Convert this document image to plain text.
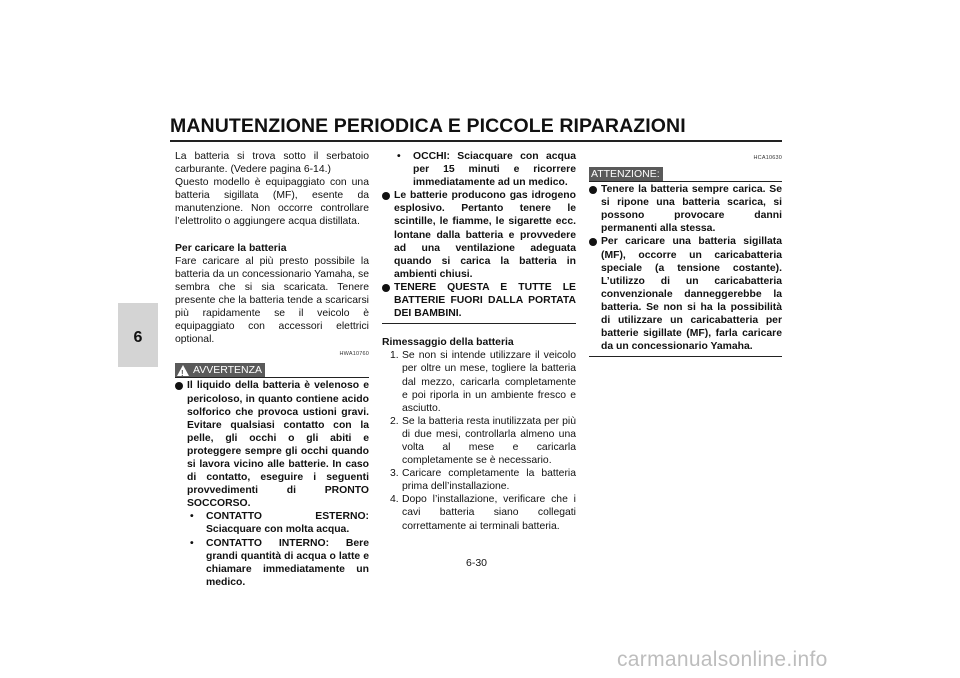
MANUTENZIONE PERIODICA E PICCOLE RIPARAZIONI
6

La batteria si trova sotto il serbatoio carburante. (Vedere pagina 6-14.)

Questo modello è equipaggiato con una batteria sigillata (MF), esente da manutenzione. Non occorre controllare l’elettrolito o aggiungere acqua distillata.

Per caricare la batteria

Fare caricare al più presto possibile la batteria da un concessionario Yamaha, se sembra che si sia scaricata. Tenere presente che la batteria tende a scaricarsi più rapidamente se il veicolo è equipaggiato con accessori elettrici optional.

HWA10760
!
AVVERTENZA

Il liquido della batteria è velenoso e pericoloso, in quanto contiene acido solforico che provoca ustioni gravi. Evitare qualsiasi contatto con la pelle, gli occhi o gli abiti e proteggere sempre gli occhi quando si lavora vicino alle batterie. In caso di contatto, eseguire i seguenti provvedimenti di PRONTO SOCCORSO.

• CONTATTO ESTERNO: Sciacquare con molta acqua.

• CONTATTO INTERNO: Bere grandi quantità di acqua o latte e chiamare immediatamente un medico.

• OCCHI: Sciacquare con acqua per 15 minuti e ricorrere immediatamente ad un medico.

Le batterie producono gas idrogeno esplosivo. Pertanto tenere le scintille, le fiamme, le sigarette ecc. lontane dalla batteria e provvedere ad una ventilazione adeguata quando si carica la batteria in ambienti chiusi.

TENERE QUESTA E TUTTE LE BATTERIE FUORI DALLA PORTATA DEI BAMBINI.

Rimessaggio della batteria

1. Se non si intende utilizzare il veicolo per oltre un mese, togliere la batteria dal mezzo, caricarla completamente e poi riporla in un ambiente fresco e asciutto.

2. Se la batteria resta inutilizzata per più di due mesi, controllarla almeno una volta al mese e caricarla completamente se è necessario.

3. Caricare completamente la batteria prima dell’installazione.

4. Dopo l’installazione, verificare che i cavi batteria siano collegati correttamente ai terminali batteria.

HCA10630
ATTENZIONE:

Tenere la batteria sempre carica. Se si ripone una batteria scarica, si possono provocare danni permanenti alla stessa.

Per caricare una batteria sigillata (MF), occorre un caricabatteria speciale (a tensione costante). L’utilizzo di un caricabatteria convenzionale danneggerebbe la batteria. Se non si ha la possibilità di utilizzare un caricabatteria per batterie sigillate (MF), farla caricare da un concessionario Yamaha.

6-30
carmanualsonline.info
